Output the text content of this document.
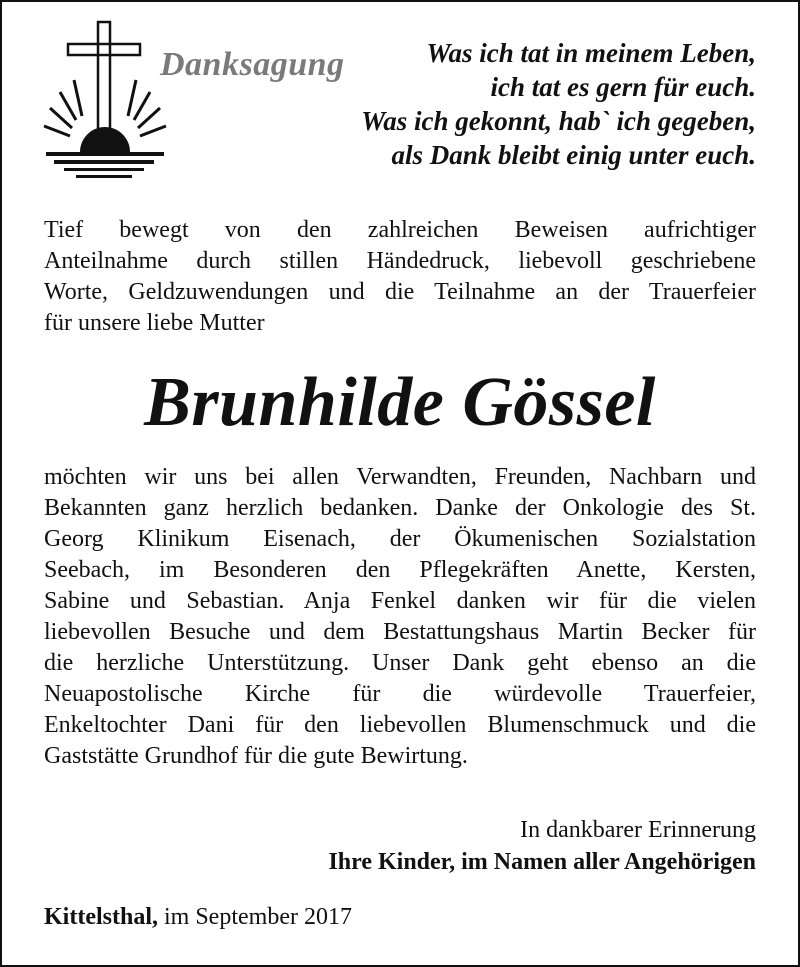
Danksagung	Was ich tat in meinem Leben,
ich tat es gern für euch.
Was ich gekonnt, hab` ich gegeben,
als Dank bleibt einig unter euch.
Tief bewegt von den zahlreichen Beweisen aufrichtiger
Anteilnahme durch stillen Händedruck, liebevoll geschriebene
Worte, Geldzuwendungen und die Teilnahme an der Trauerfeier
für unsere liebe Mutter
Brunhilde Gössel
möchten wir uns bei allen Verwandten, Freunden, Nachbarn und
Bekannten ganz herzlich bedanken. Danke der Onkologie des St.
Georg Klinikum Eisenach, der Ökumenischen Sozialstation
Seebach, im Besonderen den Pflegekräften Anette, Kersten,
Sabine und Sebastian. Anja Fenkel danken wir für die vielen
liebevollen Besuche und dem Bestattungshaus Martin Becker für
die herzliche Unterstützung. Unser Dank geht ebenso an die
Neuapostolische Kirche für die würdevolle Trauerfeier,
Enkeltochter Dani für den liebevollen Blumenschmuck und die
Gaststätte Grundhof für die gute Bewirtung.
In dankbarer Erinnerung
Ihre Kinder, im Namen aller Angehörigen
Kittelsthal, im September 2017
